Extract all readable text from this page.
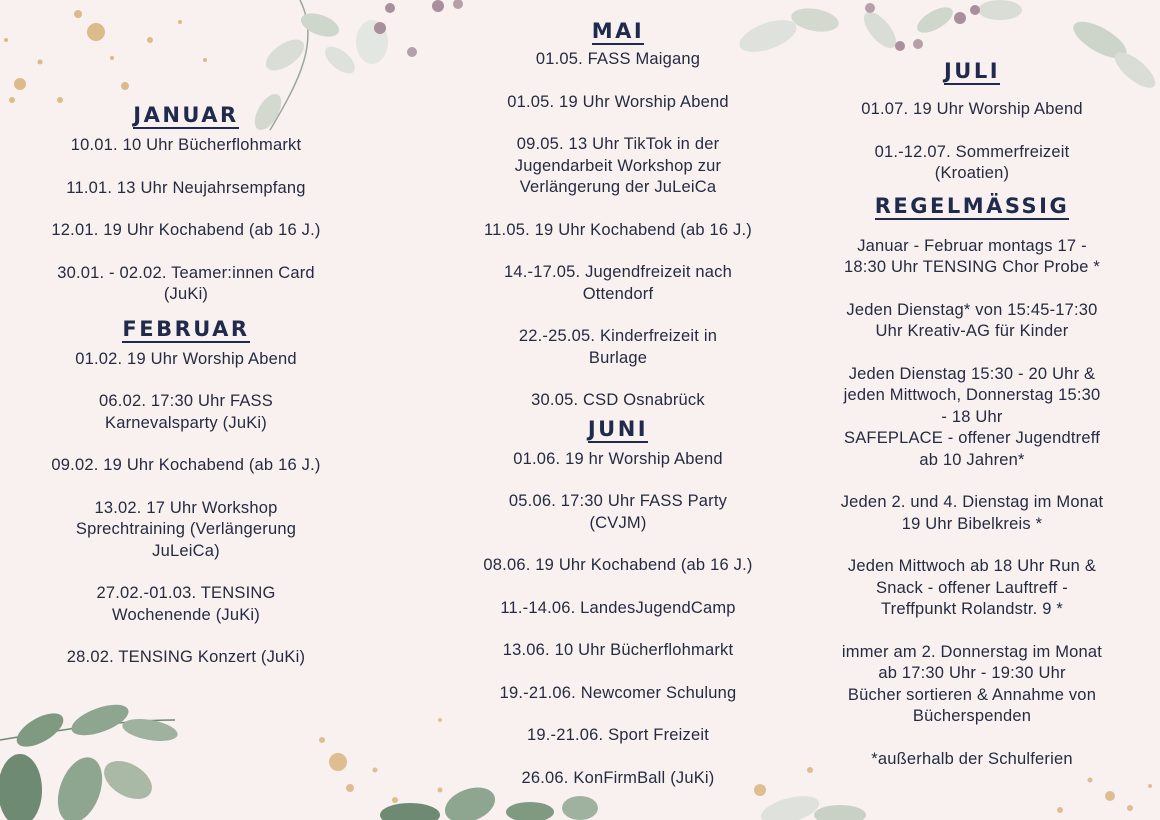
JANUAR

10.01. 10 Uhr Bücherflohmarkt

11.01. 13 Uhr Neujahrsempfang

12.01. 19 Uhr Kochabend (ab 16 J.)

30.01. - 02.02. Teamer:innen Card

(JuKi)

FEBRUAR

01.02. 19 Uhr Worship Abend

06.02. 17:30 Uhr FASS

Karnevalsparty (JuKi)

09.02. 19 Uhr Kochabend (ab 16 J.)

13.02. 17 Uhr Workshop

Sprechtraining (Verlängerung

JuLeiCa)

27.02.-01.03. TENSING

Wochenende (JuKi)

28.02. TENSING Konzert (JuKi)

MAI

01.05. FASS Maigang

01.05. 19 Uhr Worship Abend

09.05. 13 Uhr TikTok in der

Jugendarbeit Workshop zur

Verlängerung der JuLeiCa

11.05. 19 Uhr Kochabend (ab 16 J.)

14.-17.05. Jugendfreizeit nach

Ottendorf

22.-25.05. Kinderfreizeit in

Burlage

30.05. CSD Osnabrück

JUNI

01.06. 19 hr Worship Abend

05.06. 17:30 Uhr FASS Party

(CVJM)

08.06. 19 Uhr Kochabend (ab 16 J.)

11.-14.06. LandesJugendCamp

13.06. 10 Uhr Bücherflohmarkt

19.-21.06. Newcomer Schulung

19.-21.06. Sport Freizeit

26.06. KonFirmBall (JuKi)

JULI

01.07. 19 Uhr Worship Abend

01.-12.07. Sommerfreizeit

(Kroatien)

REGELMÄSSIG

Januar - Februar montags 17 -

18:30 Uhr TENSING Chor Probe *

Jeden Dienstag* von 15:45-17:30

Uhr Kreativ-AG für Kinder

Jeden Dienstag 15:30 - 20 Uhr &

jeden Mittwoch, Donnerstag 15:30

- 18 Uhr

SAFEPLACE - offener Jugendtreff

ab 10 Jahren*

Jeden 2. und 4. Dienstag im Monat

19 Uhr Bibelkreis *

Jeden Mittwoch ab 18 Uhr Run &

Snack - offener Lauftreff -

Treffpunkt Rolandstr. 9 *

immer am 2. Donnerstag im Monat

ab 17:30 Uhr - 19:30 Uhr

Bücher sortieren & Annahme von

Bücherspenden

*außerhalb der Schulferien
